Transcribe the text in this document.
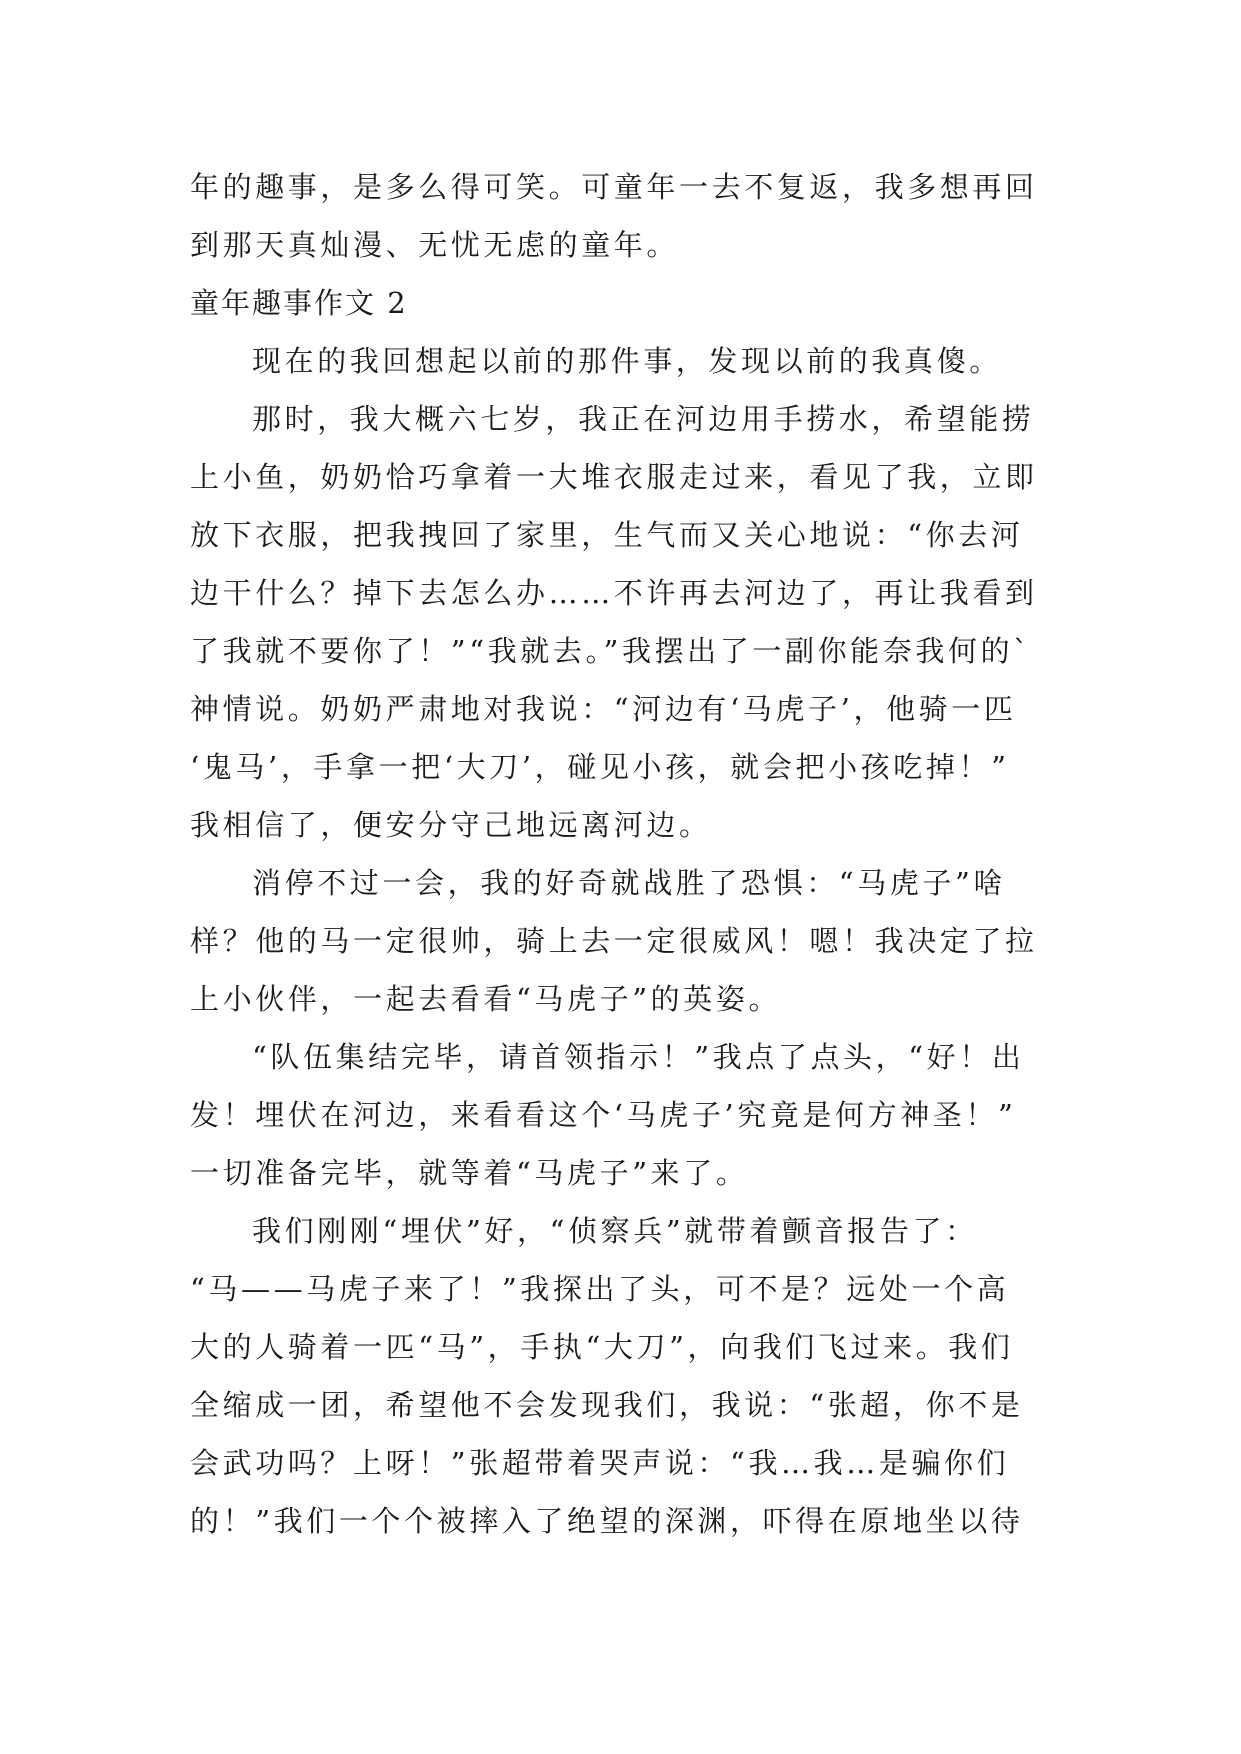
年的趣事，是多么得可笑。可童年一去不复返，我多想再回
到那天真灿漫、无忧无虑的童年。
童年趣事作文 2
现在的我回想起以前的那件事，发现以前的我真傻。
那时，我大概六七岁，我正在河边用手捞水，希望能捞
上小鱼，奶奶恰巧拿着一大堆衣服走过来，看见了我，立即
放下衣服，把我拽回了家里，生气而又关心地说：“你去河
边干什么？掉下去怎么办……不许再去河边了，再让我看到
了我就不要你了！”“我就去。”我摆出了一副你能奈我何的`
神情说。奶奶严肃地对我说：“河边有‘马虎子’，他骑一匹
‘鬼马’，手拿一把‘大刀’，碰见小孩，就会把小孩吃掉！”
我相信了，便安分守己地远离河边。
消停不过一会，我的好奇就战胜了恐惧：“马虎子”啥
样？他的马一定很帅，骑上去一定很威风！嗯！我决定了拉
上小伙伴，一起去看看“马虎子”的英姿。
“队伍集结完毕，请首领指示！”我点了点头，“好！出
发！埋伏在河边，来看看这个‘马虎子’究竟是何方神圣！”
一切准备完毕，就等着“马虎子”来了。
我们刚刚“埋伏”好，“侦察兵”就带着颤音报告了：
“马——马虎子来了！”我探出了头，可不是？远处一个高
大的人骑着一匹“马”，手执“大刀”，向我们飞过来。我们
全缩成一团，希望他不会发现我们，我说：“张超，你不是
会武功吗？上呀！”张超带着哭声说：“我…我…是骗你们
的！”我们一个个被摔入了绝望的深渊，吓得在原地坐以待
